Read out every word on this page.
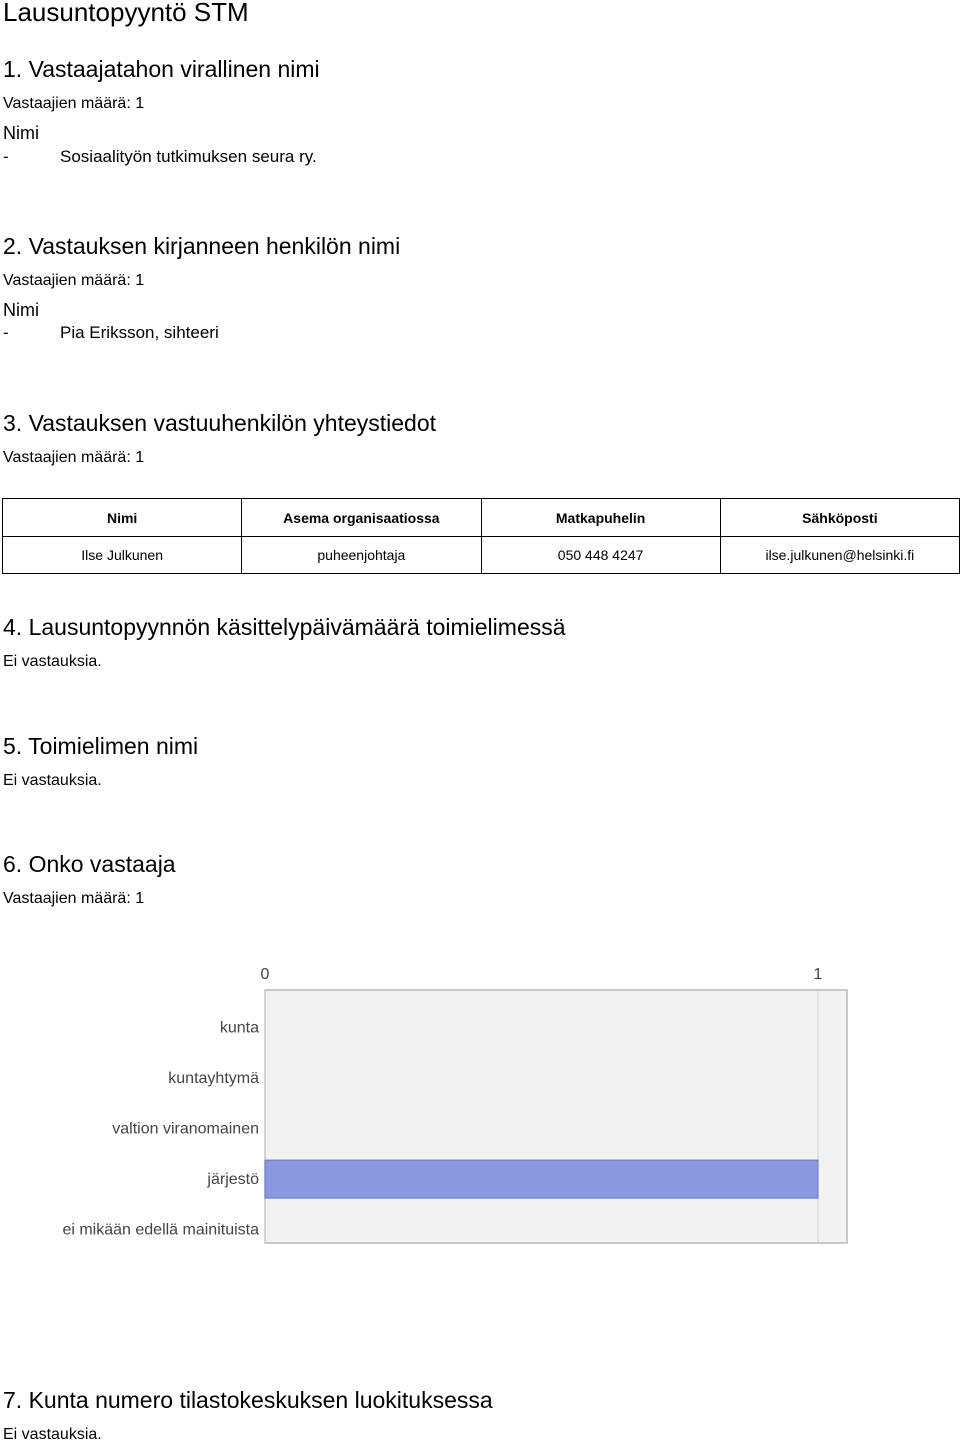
Lausuntopyyntö STM
1. Vastaajatahon virallinen nimi
Vastaajien määrä: 1
Nimi
-	Sosiaalityön tutkimuksen seura ry.
2. Vastauksen kirjanneen henkilön nimi
Vastaajien määrä: 1
Nimi
-	Pia Eriksson, sihteeri
3. Vastauksen vastuuhenkilön yhteystiedot
Vastaajien määrä: 1
Nimi	Asema organisaatiossa	Matkapuhelin	Sähköposti
Ilse Julkunen	puheenjohtaja	050 448 4247	ilse.julkunen@helsinki.fi
4. Lausuntopyynnön käsittelypäivämäärä toimielimessä
Ei vastauksia.
5. Toimielimen nimi
Ei vastauksia.
6. Onko vastaaja
Vastaajien määrä: 1
0	1
kunta
kuntayhtymä
valtion viranomainen
järjestö
ei mikään edellä mainituista
7. Kunta numero tilastokeskuksen luokituksessa
Ei vastauksia.
